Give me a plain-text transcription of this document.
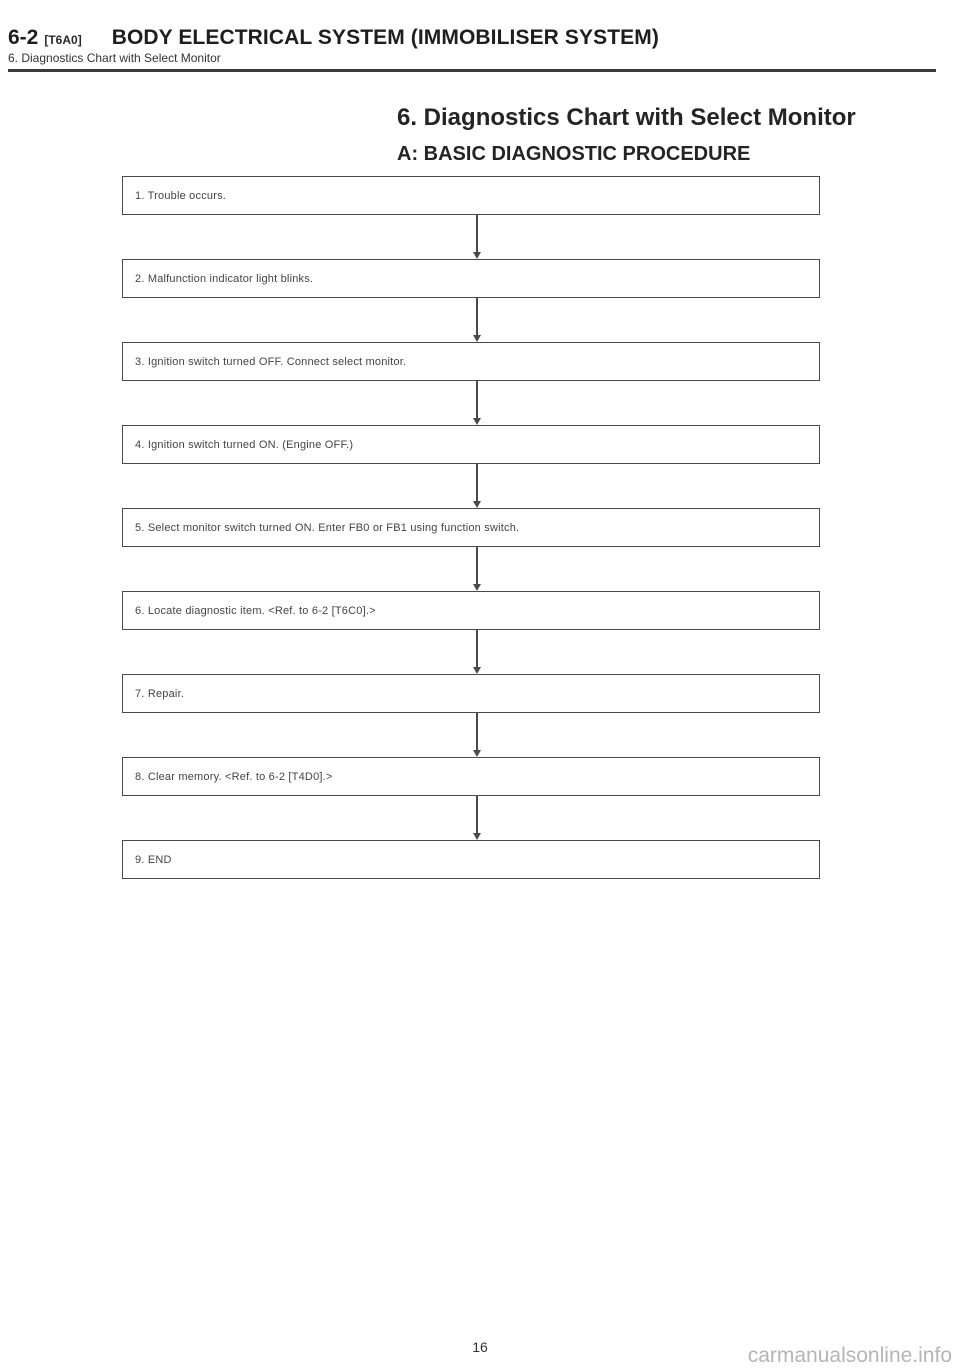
6-2 [T6A0] BODY ELECTRICAL SYSTEM (IMMOBILISER SYSTEM)
6. Diagnostics Chart with Select Monitor
6. Diagnostics Chart with Select Monitor
A: BASIC DIAGNOSTIC PROCEDURE
1. Trouble occurs.
2. Malfunction indicator light blinks.
3. Ignition switch turned OFF. Connect select monitor.
4. Ignition switch turned ON. (Engine OFF.)
5. Select monitor switch turned ON. Enter FB0 or FB1 using function switch.
6. Locate diagnostic item. <Ref. to 6-2 [T6C0].>
7. Repair.
8. Clear memory. <Ref. to 6-2 [T4D0].>
9. END
16	carmanualsonline.info
